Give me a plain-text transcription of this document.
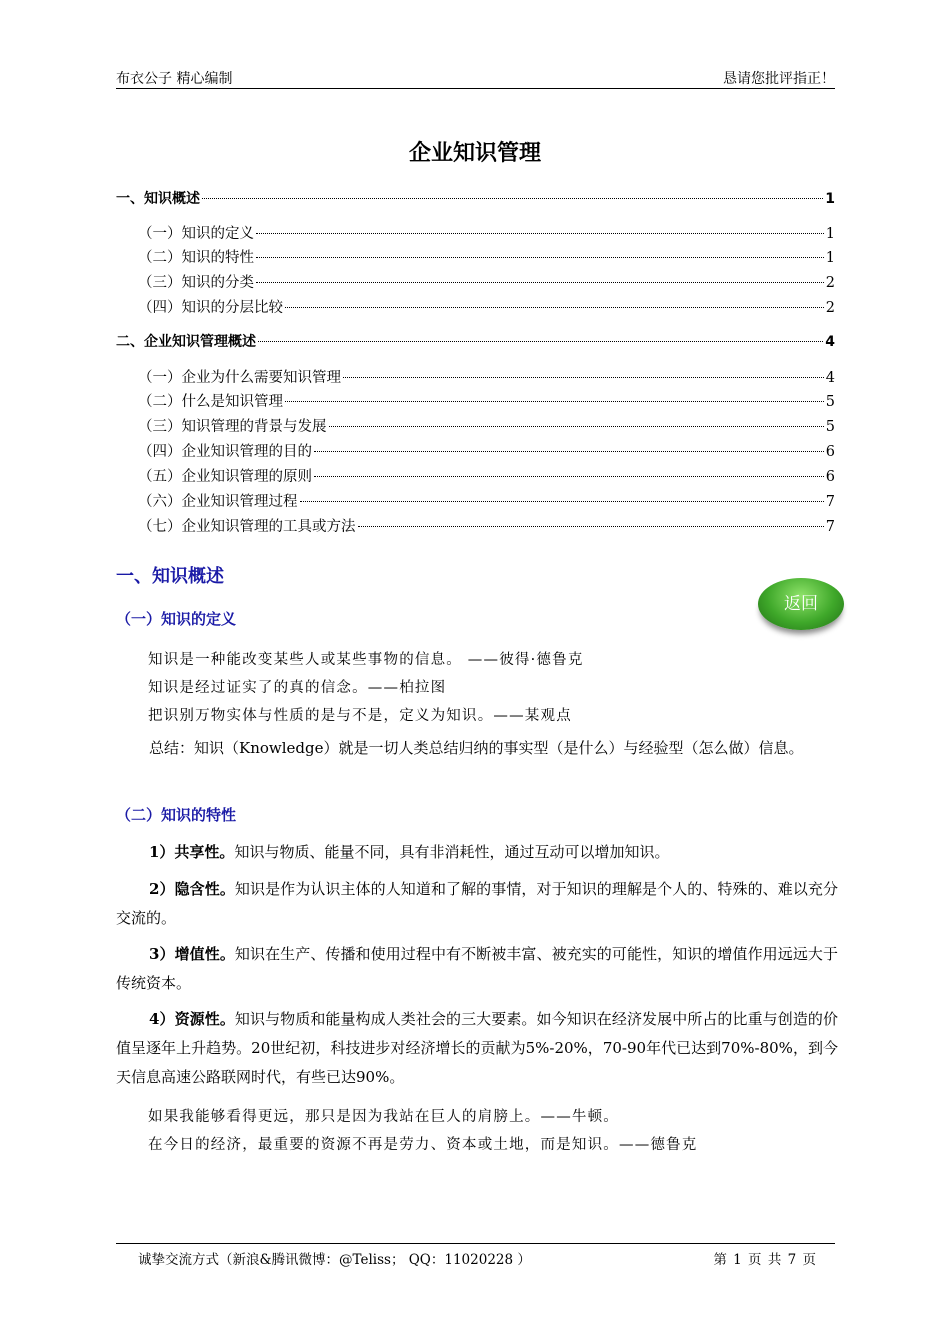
布衣公子 精心编制	恳请您批评指正！
企业知识管理
一、知识概述	1
（一）知识的定义	1
（二）知识的特性	1
（三）知识的分类	2
（四）知识的分层比较	2
二、企业知识管理概述	4
（一）企业为什么需要知识管理	4
（二）什么是知识管理	5
（三）知识管理的背景与发展	5
（四）企业知识管理的目的	6
（五）企业知识管理的原则	6
（六）企业知识管理过程	7
（七）企业知识管理的工具或方法	7
一、知识概述
返回
（一）知识的定义
知识是一种能改变某些人或某些事物的信息。 ——彼得·德鲁克
知识是经过证实了的真的信念。——柏拉图
把识别万物实体与性质的是与不是，定义为知识。——某观点
总结：知识（Knowledge）就是一切人类总结归纳的事实型（是什么）与经验型（怎么做）信息。
（二）知识的特性
1）共享性。知识与物质、能量不同，具有非消耗性，通过互动可以增加知识。
2）隐含性。知识是作为认识主体的人知道和了解的事情，对于知识的理解是个人的、特殊的、难以充分交流的。
3）增值性。知识在生产、传播和使用过程中有不断被丰富、被充实的可能性，知识的增值作用远远大于传统资本。
4）资源性。知识与物质和能量构成人类社会的三大要素。如今知识在经济发展中所占的比重与创造的价值呈逐年上升趋势。20世纪初，科技进步对经济增长的贡献为5%-20%，70-90年代已达到70%-80%，到今天信息高速公路联网时代，有些已达90%。
如果我能够看得更远，那只是因为我站在巨人的肩膀上。——牛顿。
在今日的经济，最重要的资源不再是劳力、资本或土地，而是知识。——德鲁克
诚挚交流方式（新浪&腾讯微博：@Teliss； QQ：11020228 ）	第 1 页 共 7 页
